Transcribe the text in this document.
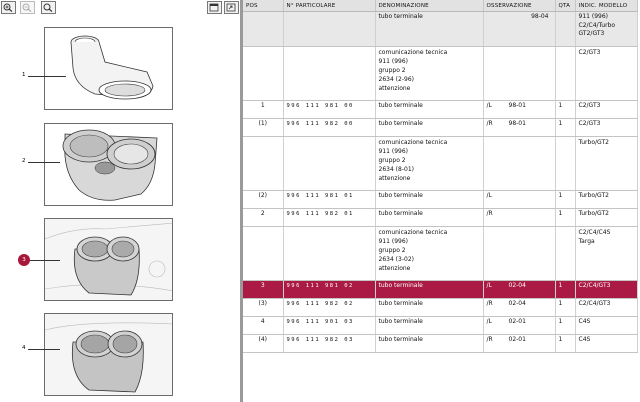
1
2
3
4
POS	N° PARTICOLARE	DENOMINAZIONE	OSSERVAZIONE	QTA	INDIC. MODELLO
		tubo terminale	98-04		911 (996)
C2/C4/Turbo
GT2/GT3
		comunicazione tecnica
911 (996)
gruppo 2
2634 (2-96)
attenzione			C2/GT3
1	996 111 981 00	tubo terminale	/L 98-01	1	C2/GT3
(1)	996 111 982 00	tubo terminale	/R 98-01	1	C2/GT3
		comunicazione tecnica
911 (996)
gruppo 2
2634 (8-01)
attenzione			Turbo/GT2
(2)	996 111 981 01	tubo terminale	/L	1	Turbo/GT2
2	996 111 982 01	tubo terminale	/R	1	Turbo/GT2
		comunicazione tecnica
911 (996)
gruppo 2
2634 (3-02)
attenzione			C2/C4/C4S
Targa
3	996 111 981 02	tubo terminale	/L 02-04	1	C2/C4/GT3
(3)	996 111 982 02	tubo terminale	/R 02-04	1	C2/C4/GT3
4	996 111 901 03	tubo terminale	/L 02-01	1	C4S
(4)	996 111 982 03	tubo terminale	/R 02-01	1	C4S
